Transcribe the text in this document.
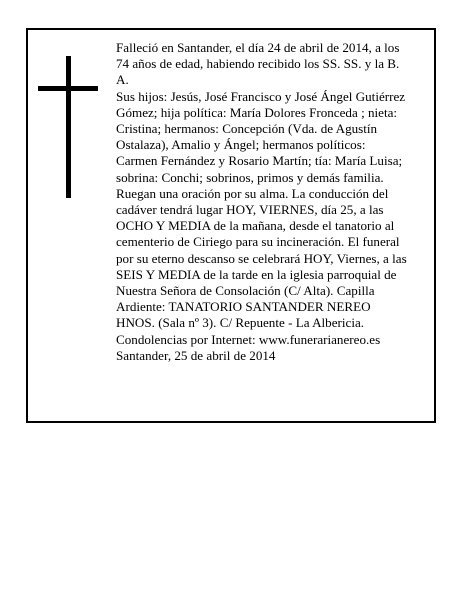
Falleció en Santander, el día 24 de abril de 2014, a los
74 años de edad, habiendo recibido los SS. SS. y la B.
A.
Sus hijos: Jesús, José Francisco y José Ángel Gutiérrez
Gómez; hija política: María Dolores Fronceda ; nieta:
Cristina; hermanos: Concepción (Vda. de Agustín
Ostalaza), Amalio y Ángel; hermanos políticos:
Carmen Fernández y Rosario Martín; tía: María Luisa;
sobrina: Conchi; sobrinos, primos y demás familia.
Ruegan una oración por su alma. La conducción del
cadáver tendrá lugar HOY, VIERNES, día 25, a las
OCHO Y MEDIA de la mañana, desde el tanatorio al
cementerio de Ciriego para su incineración. El funeral
por su eterno descanso se celebrará HOY, Viernes, a las
SEIS Y MEDIA de la tarde en la iglesia parroquial de
Nuestra Señora de Consolación (C/ Alta). Capilla
Ardiente: TANATORIO SANTANDER NEREO
HNOS. (Sala nº 3). C/ Repuente - La Albericia.
Condolencias por Internet: www.funerarianereo.es
Santander, 25 de abril de 2014
